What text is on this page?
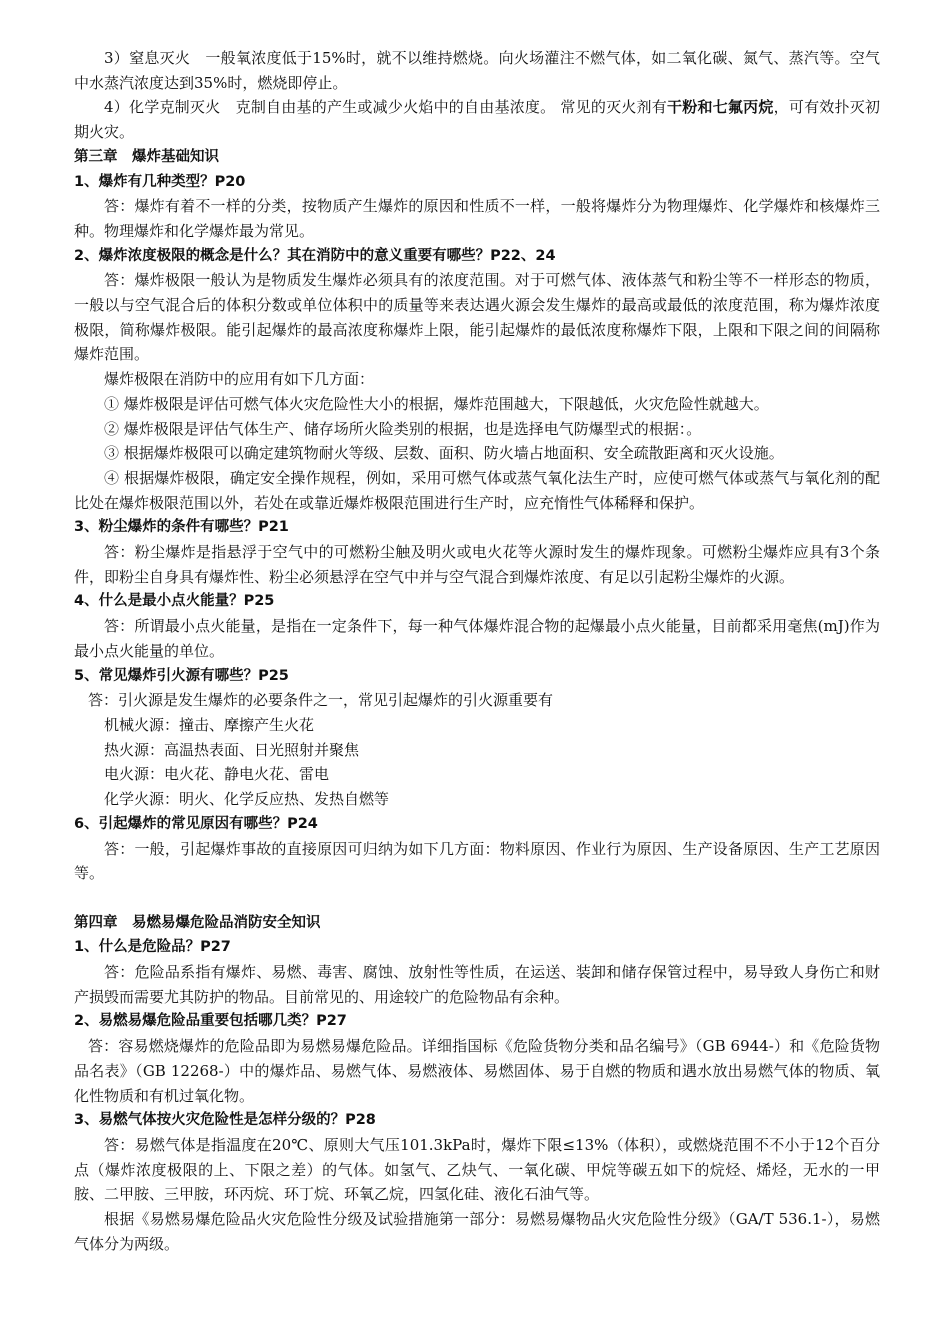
3）窒息灭火　一般氧浓度低于15%时，就不以维持燃烧。向火场灌注不燃气体，如二氧化碳、氮气、蒸汽等。空气中水蒸汽浓度达到35%时，燃烧即停止。

4）化学克制灭火　克制自由基的产生或减少火焰中的自由基浓度。 常见的灭火剂有干粉和七氟丙烷，可有效扑灭初期火灾。

第三章　爆炸基础知识

1、爆炸有几种类型？P20

答：爆炸有着不一样的分类，按物质产生爆炸的原因和性质不一样，一般将爆炸分为物理爆炸、化学爆炸和核爆炸三种。物理爆炸和化学爆炸最为常见。

2、爆炸浓度极限的概念是什么？其在消防中的意义重要有哪些？P22、24

答：爆炸极限一般认为是物质发生爆炸必须具有的浓度范围。对于可燃气体、液体蒸气和粉尘等不一样形态的物质，一般以与空气混合后的体积分数或单位体积中的质量等来表达遇火源会发生爆炸的最高或最低的浓度范围，称为爆炸浓度极限，简称爆炸极限。能引起爆炸的最高浓度称爆炸上限，能引起爆炸的最低浓度称爆炸下限，上限和下限之间的间隔称爆炸范围。

爆炸极限在消防中的应用有如下几方面：

① 爆炸极限是评估可燃气体火灾危险性大小的根据，爆炸范围越大，下限越低，火灾危险性就越大。

② 爆炸极限是评估气体生产、储存场所火险类别的根据，也是选择电气防爆型式的根据：。

③ 根据爆炸极限可以确定建筑物耐火等级、层数、面积、防火墙占地面积、安全疏散距离和灭火设施。

④ 根据爆炸极限，确定安全操作规程，例如，采用可燃气体或蒸气氧化法生产时，应使可燃气体或蒸气与氧化剂的配比处在爆炸极限范围以外，若处在或靠近爆炸极限范围进行生产时，应充惰性气体稀释和保护。

3、粉尘爆炸的条件有哪些？P21

答：粉尘爆炸是指悬浮于空气中的可燃粉尘触及明火或电火花等火源时发生的爆炸现象。可燃粉尘爆炸应具有3个条件，即粉尘自身具有爆炸性、粉尘必须悬浮在空气中并与空气混合到爆炸浓度、有足以引起粉尘爆炸的火源。

4、什么是最小点火能量？P25

答：所谓最小点火能量，是指在一定条件下，每一种气体爆炸混合物的起爆最小点火能量，目前都采用毫焦(mJ)作为最小点火能量的单位。

5、常见爆炸引火源有哪些？P25

答：引火源是发生爆炸的必要条件之一，常见引起爆炸的引火源重要有

机械火源：撞击、摩擦产生火花

热火源：高温热表面、日光照射并聚焦

电火源：电火花、静电火花、雷电

化学火源：明火、化学反应热、发热自燃等

6、引起爆炸的常见原因有哪些？P24

答：一般，引起爆炸事故的直接原因可归纳为如下几方面：物料原因、作业行为原因、生产设备原因、生产工艺原因等。

第四章　易燃易爆危险品消防安全知识

1、什么是危险品？P27

答：危险品系指有爆炸、易燃、毒害、腐蚀、放射性等性质，在运送、装卸和储存保管过程中，易导致人身伤亡和财产损毁而需要尤其防护的物品。目前常见的、用途较广的危险物品有余种。

2、易燃易爆危险品重要包括哪几类？P27

答：容易燃烧爆炸的危险品即为易燃易爆危险品。详细指国标《危险货物分类和品名编号》（GB 6944-）和《危险货物品名表》（GB 12268-）中的爆炸品、易燃气体、易燃液体、易燃固体、易于自燃的物质和遇水放出易燃气体的物质、氧化性物质和有机过氧化物。

3、易燃气体按火灾危险性是怎样分级的？P28

答：易燃气体是指温度在20℃、原则大气压101.3kPa时，爆炸下限≤13%（体积），或燃烧范围不不小于12个百分点（爆炸浓度极限的上、下限之差）的气体。如氢气、乙炔气、一氧化碳、甲烷等碳五如下的烷烃、烯烃，无水的一甲胺、二甲胺、三甲胺，环丙烷、环丁烷、环氧乙烷，四氢化硅、液化石油气等。

根据《易燃易爆危险品火灾危险性分级及试验措施第一部分：易燃易爆物品火灾危险性分级》（GA/T 536.1-），易燃气体分为两级。
